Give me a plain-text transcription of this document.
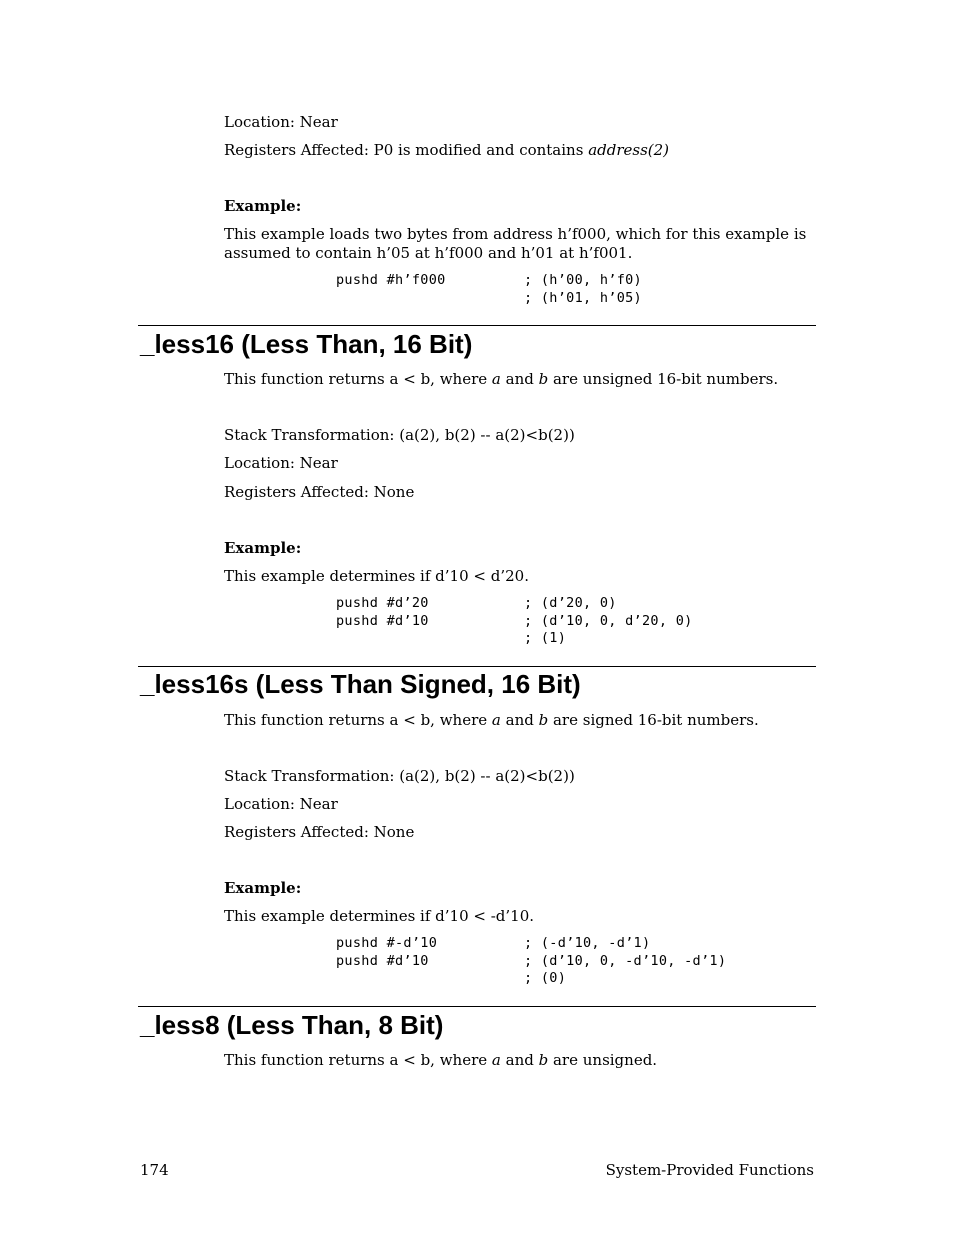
Location: Near
Registers Affected: P0 is modified and contains address(2)
Example:
This example loads two bytes from address h’f000, which for this example is
assumed to contain h’05 at h’f000 and h’01 at h’f001.
pushd #h’f000	; (h’00, h’f0)
; (h’01, h’05)
_less16 (Less Than, 16 Bit)
This function returns a < b, where a and b are unsigned 16-bit numbers.
Stack Transformation: (a(2), b(2) -- a(2)<b(2))
Location: Near
Registers Affected: None
Example:
This example determines if d’10 < d’20.
pushd #d’20	; (d’20, 0)
pushd #d’10	; (d’10, 0, d’20, 0)
; (1)
_less16s (Less Than Signed, 16 Bit)
This function returns a < b, where a and b are signed 16-bit numbers.
Stack Transformation: (a(2), b(2) -- a(2)<b(2))
Location: Near
Registers Affected: None
Example:
This example determines if d’10 < -d’10.
pushd #-d’10	; (-d’10, -d’1)
pushd #d’10	; (d’10, 0, -d’10, -d’1)
; (0)
_less8 (Less Than, 8 Bit)
This function returns a < b, where a and b are unsigned.
174	System-Provided Functions
